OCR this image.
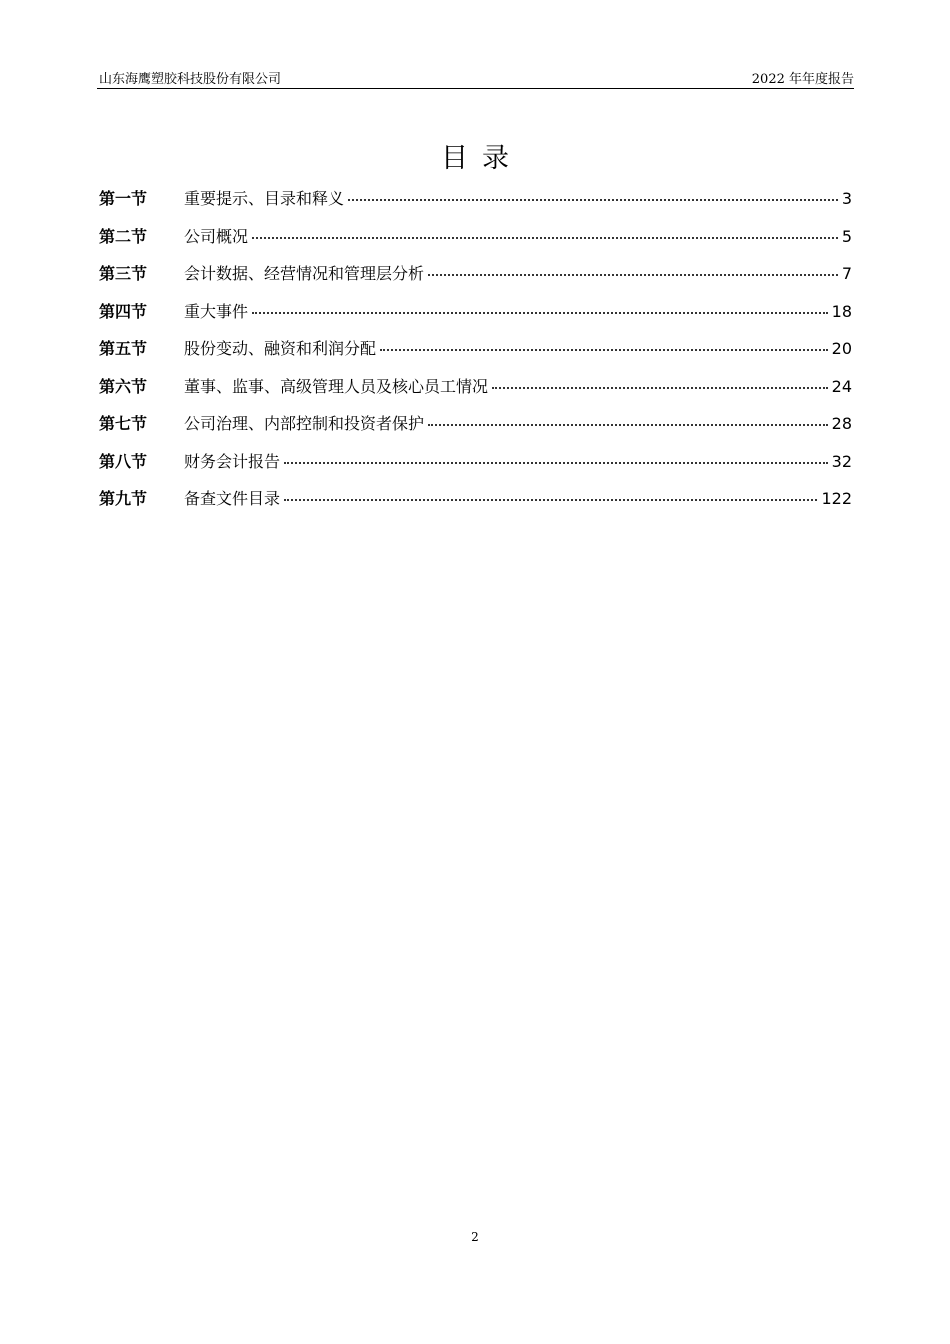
山东海鹰塑胶科技股份有限公司	2022 年年度报告
目录
第一节	重要提示、目录和释义	3
第二节	公司概况	5
第三节	会计数据、经营情况和管理层分析	7
第四节	重大事件	18
第五节	股份变动、融资和利润分配	20
第六节	董事、监事、高级管理人员及核心员工情况	24
第七节	公司治理、内部控制和投资者保护	28
第八节	财务会计报告	32
第九节	备查文件目录	122
2
